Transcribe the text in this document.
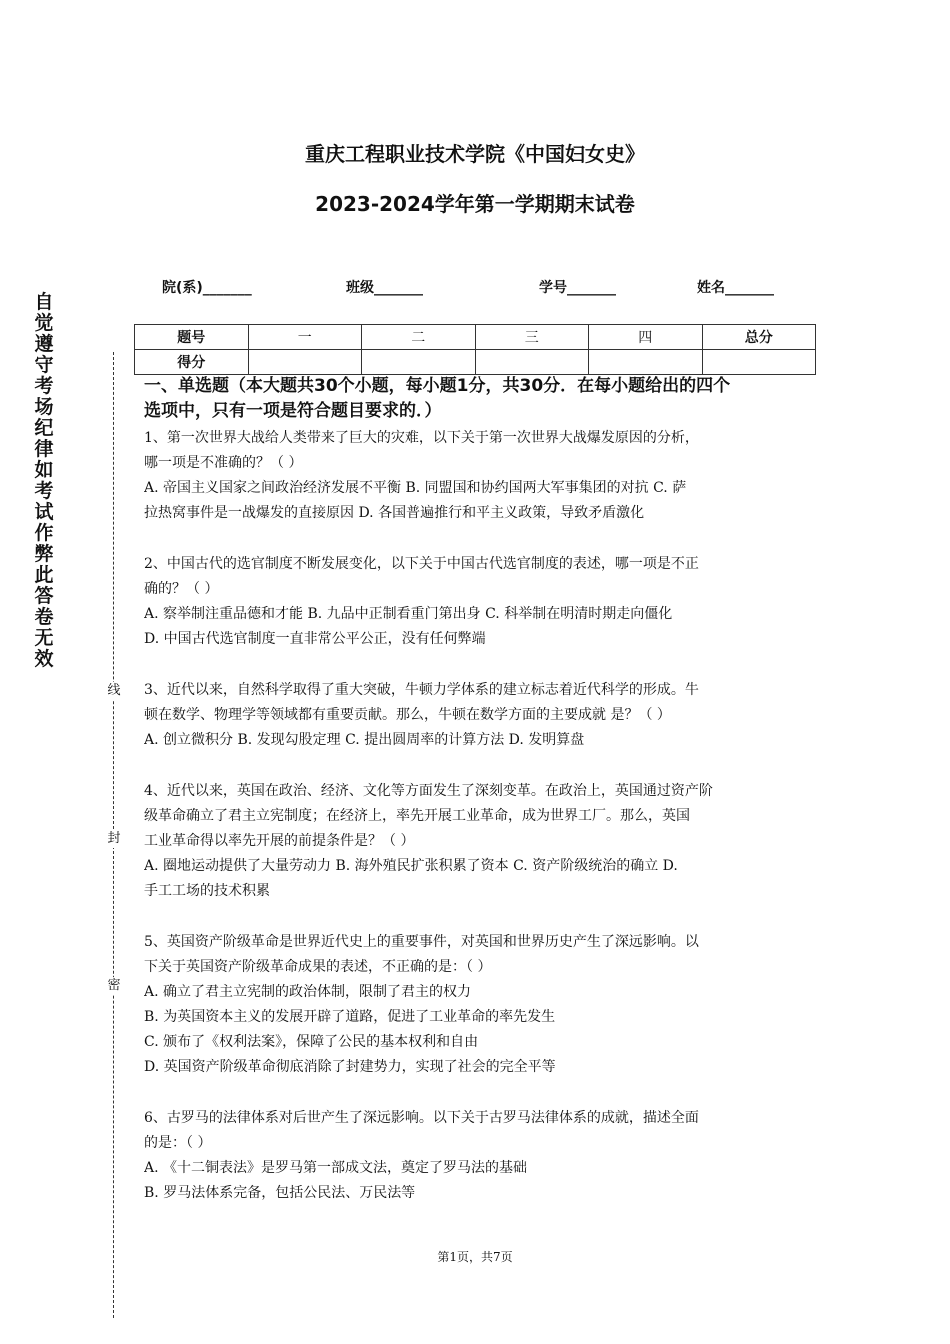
自觉遵守考场纪律如考试作弊此答卷无效
线
封
密
重庆工程职业技术学院《中国妇女史》
2023-2024学年第一学期期末试卷
院(系)_______	班级_______	学号_______	姓名_______
题号	一	二	三	四	总分
得分					
一、单选题（本大题共30个小题，每小题1分，共30分．在每小题给出的四个
选项中，只有一项是符合题目要求的．）
1、第一次世界大战给人类带来了巨大的灾难，以下关于第一次世界大战爆发原因的分析，
哪一项是不准确的？（ ）
A. 帝国主义国家之间政治经济发展不平衡 B. 同盟国和协约国两大军事集团的对抗 C. 萨
拉热窝事件是一战爆发的直接原因 D. 各国普遍推行和平主义政策，导致矛盾激化
2、中国古代的选官制度不断发展变化，以下关于中国古代选官制度的表述，哪一项是不正
确的？（ ）
A. 察举制注重品德和才能 B. 九品中正制看重门第出身 C. 科举制在明清时期走向僵化
D. 中国古代选官制度一直非常公平公正，没有任何弊端
3、近代以来，自然科学取得了重大突破，牛顿力学体系的建立标志着近代科学的形成。牛
顿在数学、物理学等领域都有重要贡献。那么，牛顿在数学方面的主要成就 是？（ ）
A. 创立微积分 B. 发现勾股定理 C. 提出圆周率的计算方法 D. 发明算盘
4、近代以来，英国在政治、经济、文化等方面发生了深刻变革。在政治上，英国通过资产阶
级革命确立了君主立宪制度；在经济上，率先开展工业革命，成为世界工厂。那么，英国
工业革命得以率先开展的前提条件是？（ ）
A. 圈地运动提供了大量劳动力 B. 海外殖民扩张积累了资本 C. 资产阶级统治的确立 D.
手工工场的技术积累
5、英国资产阶级革命是世界近代史上的重要事件，对英国和世界历史产生了深远影响。以
下关于英国资产阶级革命成果的表述，不正确的是：（ ）
A. 确立了君主立宪制的政治体制，限制了君主的权力
B. 为英国资本主义的发展开辟了道路，促进了工业革命的率先发生
C. 颁布了《权利法案》，保障了公民的基本权利和自由
D. 英国资产阶级革命彻底消除了封建势力，实现了社会的完全平等
6、古罗马的法律体系对后世产生了深远影响。以下关于古罗马法律体系的成就，描述全面
的是：（ ）
A. 《十二铜表法》是罗马第一部成文法，奠定了罗马法的基础
B. 罗马法体系完备，包括公民法、万民法等
第1页，共7页
